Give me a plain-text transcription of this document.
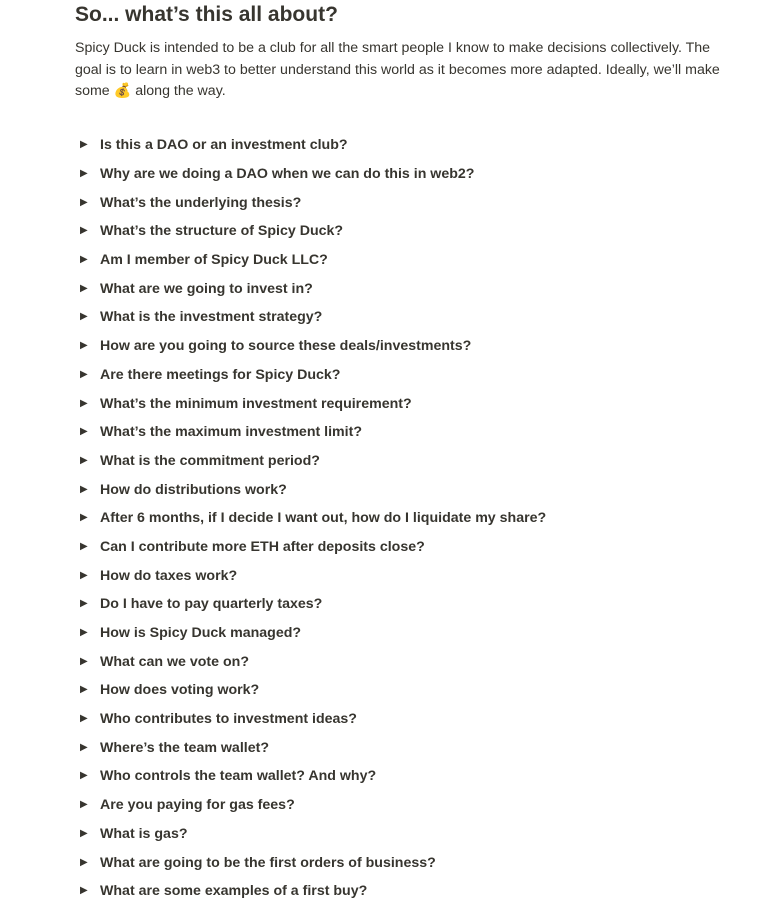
So... what’s this all about?

Spicy Duck is intended to be a club for all the smart people I know to make decisions collectively. The goal is to learn in web3 to better understand this world as it becomes more adapted. Ideally, we’ll make some 💰 along the way.

▶ Is this a DAO or an investment club?
▶ Why are we doing a DAO when we can do this in web2?
▶ What’s the underlying thesis?
▶ What’s the structure of Spicy Duck?
▶ Am I member of Spicy Duck LLC?
▶ What are we going to invest in?
▶ What is the investment strategy?
▶ How are you going to source these deals/investments?
▶ Are there meetings for Spicy Duck?
▶ What’s the minimum investment requirement?
▶ What’s the maximum investment limit?
▶ What is the commitment period?
▶ How do distributions work?
▶ After 6 months, if I decide I want out, how do I liquidate my share?
▶ Can I contribute more ETH after deposits close?
▶ How do taxes work?
▶ Do I have to pay quarterly taxes?
▶ How is Spicy Duck managed?
▶ What can we vote on?
▶ How does voting work?
▶ Who contributes to investment ideas?
▶ Where’s the team wallet?
▶ Who controls the team wallet? And why?
▶ Are you paying for gas fees?
▶ What is gas?
▶ What are going to be the first orders of business?
▶ What are some examples of a first buy?
